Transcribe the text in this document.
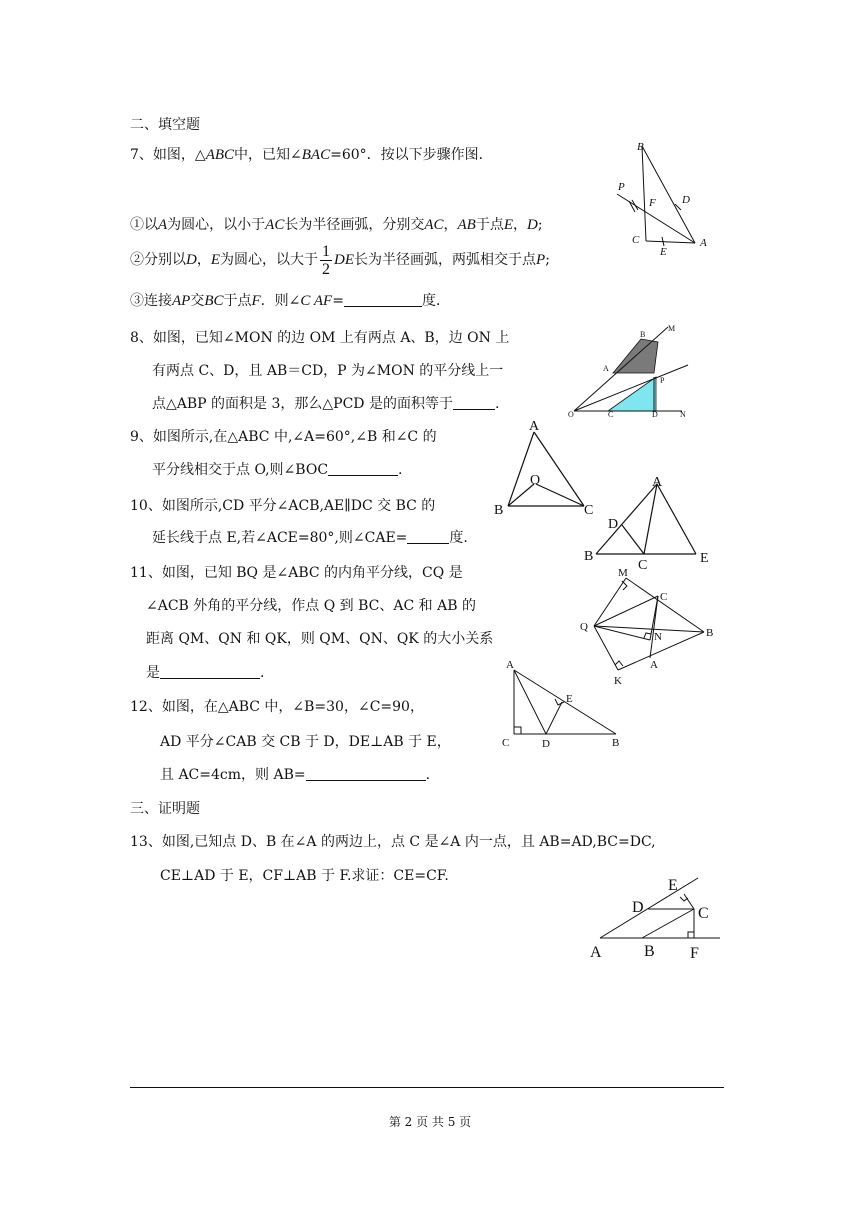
二、填空题
7、如图，△ABC中，已知∠BAC=60°．按以下步骤作图．
①以A为圆心，以小于AC长为半径画弧，分别交AC，AB于点E，D;
②分别以D，E为圆心，以大于 $\frac{1}{2}$ DE长为半径画弧，两弧相交于点P;
③连接AP交BC于点F．则∠C AF=	度．
B
P
F D
C
E
A
8、如图，已知∠MON 的边 OM 上有两点 A、B，边 ON 上
有两点 C、D，且 AB＝CD，P 为∠MON 的平分线上一
点△ABP 的面积是 3，那么△PCD 是的面积等于	.
B
M
A
P
O	C	D	N
9、如图所示,在△ABC 中,∠A=60°,∠B 和∠C 的
平分线相交于点 O,则∠BOC	.
A
O
B	C
10、如图所示,CD 平分∠ACB,AE∥DC 交 BC 的
延长线于点 E,若∠ACE=80°,则∠CAE=	度.
A
D
B
C	E
11、如图，已知 BQ 是∠ABC 的内角平分线，CQ 是
∠ACB 外角的平分线，作点 Q 到 BC、AC 和 AB 的
距离 QM、QN 和 QK，则 QM、QN、QK 的大小关系
是	.
M
C
Q
N	B
K
A
12、如图，在△ABC 中，∠B=30，∠C=90，
AD 平分∠CAB 交 CB 于 D，DE⊥AB 于 E，
且 AC=4cm，则 AB=	.
A
E
C	D	B
三、证明题
13、如图,已知点 D、B 在∠A 的两边上，点 C 是∠A 内一点，且 AB=AD,BC=DC,
CE⊥AD 于 E，CF⊥AB 于 F.求证：CE=CF.
E
D	C
A	B F
第 2 页 共 5 页
